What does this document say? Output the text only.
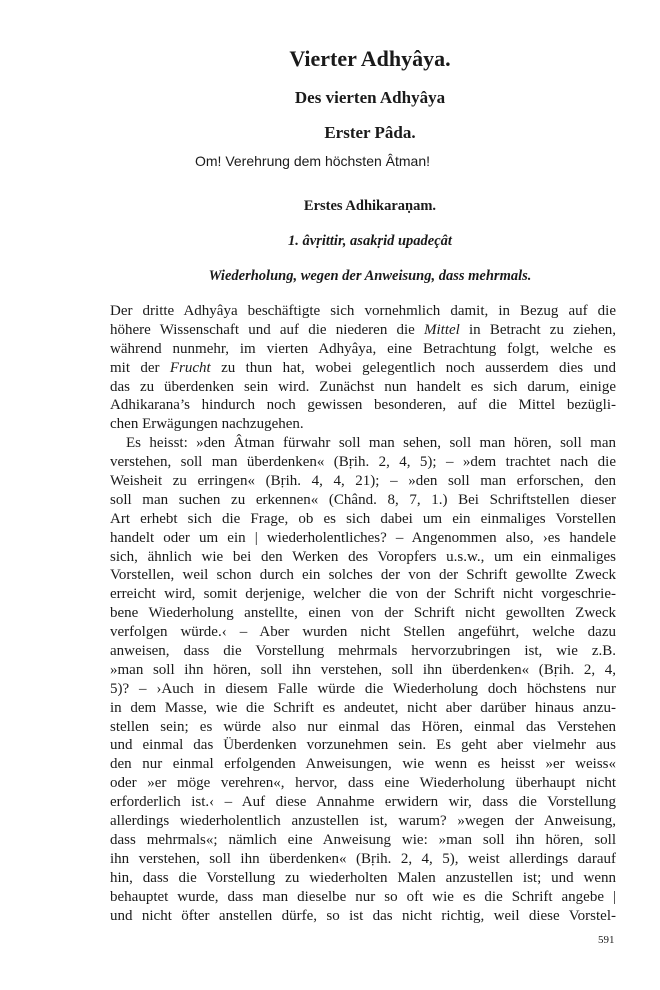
Vierter Adhyâya.
Des vierten Adhyâya
Erster Pâda.
Om! Verehrung dem höchsten Âtman!
Erstes Adhikaraṇam.
1. âvṛittir, asakṛid upadeçât
Wiederholung, wegen der Anweisung, dass mehrmals.
Der dritte Adhyâya beschäftigte sich vornehmlich damit, in Bezug auf die
höhere Wissenschaft und auf die niederen die Mittel in Betracht zu ziehen,
während nunmehr, im vierten Adhyâya, eine Betrachtung folgt, welche es
mit der Frucht zu thun hat, wobei gelegentlich noch ausserdem dies und
das zu überdenken sein wird. Zunächst nun handelt es sich darum, einige
Adhikarana’s hindurch noch gewissen besonderen, auf die Mittel bezügli-
chen Erwägungen nachzugehen.
Es heisst: »den Âtman fürwahr soll man sehen, soll man hören, soll man
verstehen, soll man überdenken« (Bṛih. 2, 4, 5); – »dem trachtet nach die
Weisheit zu erringen« (Bṛih. 4, 4, 21); – »den soll man erforschen, den
soll man suchen zu erkennen« (Chând. 8, 7, 1.) Bei Schriftstellen dieser
Art erhebt sich die Frage, ob es sich dabei um ein einmaliges Vorstellen
handelt oder um ein | wiederholentliches? – Angenommen also, ›es handele
sich, ähnlich wie bei den Werken des Voropfers u.s.w., um ein einmaliges
Vorstellen, weil schon durch ein solches der von der Schrift gewollte Zweck
erreicht wird, somit derjenige, welcher die von der Schrift nicht vorgeschrie-
bene Wiederholung anstellte, einen von der Schrift nicht gewollten Zweck
verfolgen würde.‹ – Aber wurden nicht Stellen angeführt, welche dazu
anweisen, dass die Vorstellung mehrmals hervorzubringen ist, wie z.B.
»man soll ihn hören, soll ihn verstehen, soll ihn überdenken« (Bṛih. 2, 4,
5)? – ›Auch in diesem Falle würde die Wiederholung doch höchstens nur
in dem Masse, wie die Schrift es andeutet, nicht aber darüber hinaus anzu-
stellen sein; es würde also nur einmal das Hören, einmal das Verstehen
und einmal das Überdenken vorzunehmen sein. Es geht aber vielmehr aus
den nur einmal erfolgenden Anweisungen, wie wenn es heisst »er weiss«
oder »er möge verehren«, hervor, dass eine Wiederholung überhaupt nicht
erforderlich ist.‹ – Auf diese Annahme erwidern wir, dass die Vorstellung
allerdings wiederholentlich anzustellen ist, warum? »wegen der Anweisung,
dass mehrmals«; nämlich eine Anweisung wie: »man soll ihn hören, soll
ihn verstehen, soll ihn überdenken« (Bṛih. 2, 4, 5), weist allerdings darauf
hin, dass die Vorstellung zu wiederholten Malen anzustellen ist; und wenn
behauptet wurde, dass man dieselbe nur so oft wie es die Schrift angebe |
und nicht öfter anstellen dürfe, so ist das nicht richtig, weil diese Vorstel-
591
